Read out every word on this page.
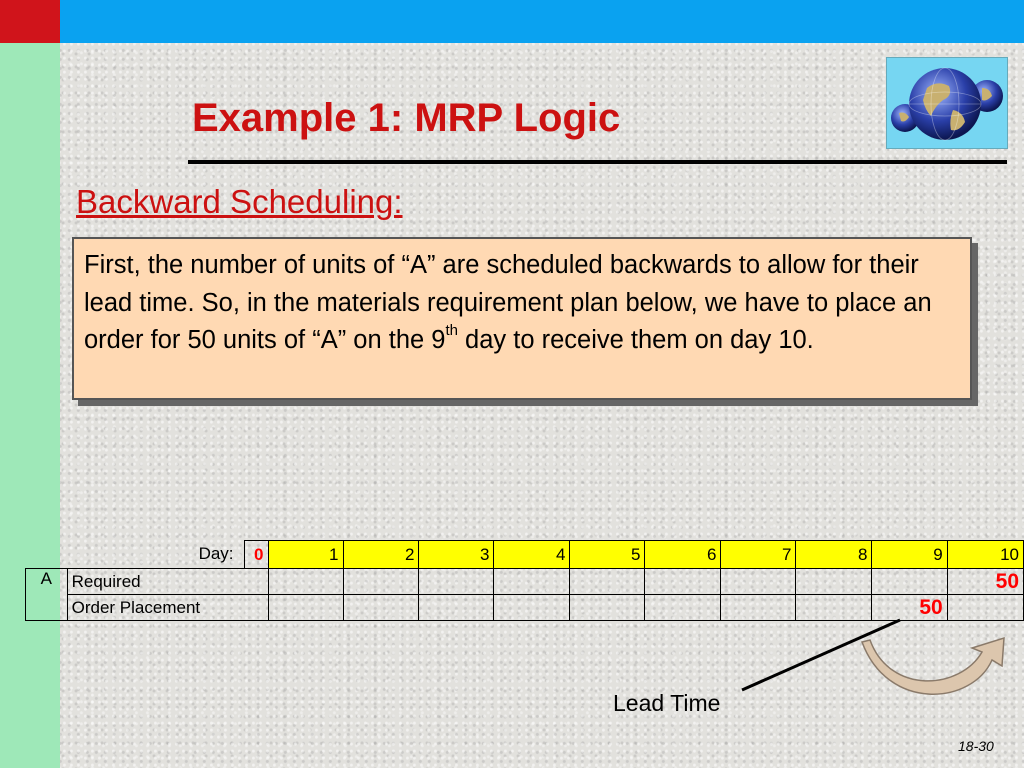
Example 1: MRP Logic
Backward Scheduling:

First, the number of units of “A” are scheduled backwards to allow for their lead time. So, in the materials requirement plan below, we have to place an order for 50 units of “A” on the 9th day to receive them on day 10.

	Day:	0	1	2	3	4	5	6	7	8	9	10
A	Required											50
	Order Placement										50	
Lead Time
18-30
